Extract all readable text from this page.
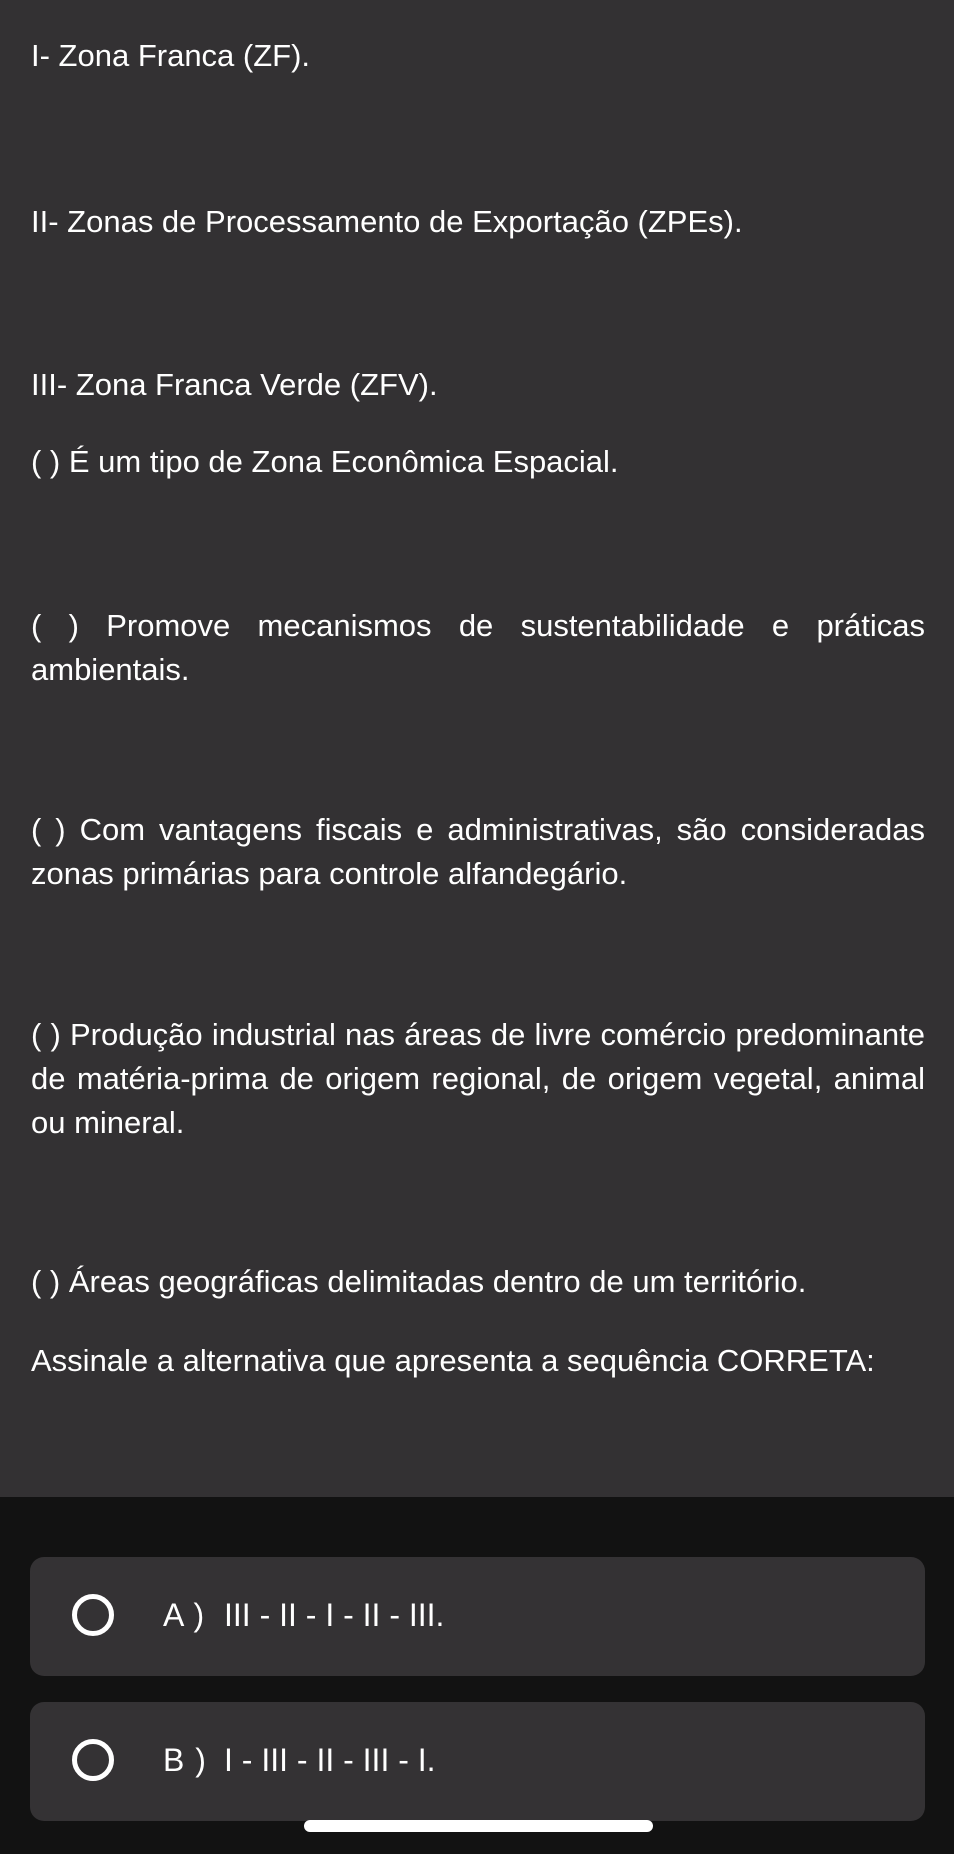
I- Zona Franca (ZF).

II- Zonas de Processamento de Exportação (ZPEs).

III- Zona Franca Verde (ZFV).

( ) É um tipo de Zona Econômica Espacial.

( ) Promove mecanismos de sustentabilidade e práticas ambientais.

( ) Com vantagens fiscais e administrativas, são consideradas zonas primárias para controle alfandegário.

( ) Produção industrial nas áreas de livre comércio predominante de matéria-prima de origem regional, de origem vegetal, animal ou mineral.

( ) Áreas geográficas delimitadas dentro de um território.

Assinale a alternativa que apresenta a sequência CORRETA:

A ) III - II - I - II - III.
B ) I - III - II - III - I.
